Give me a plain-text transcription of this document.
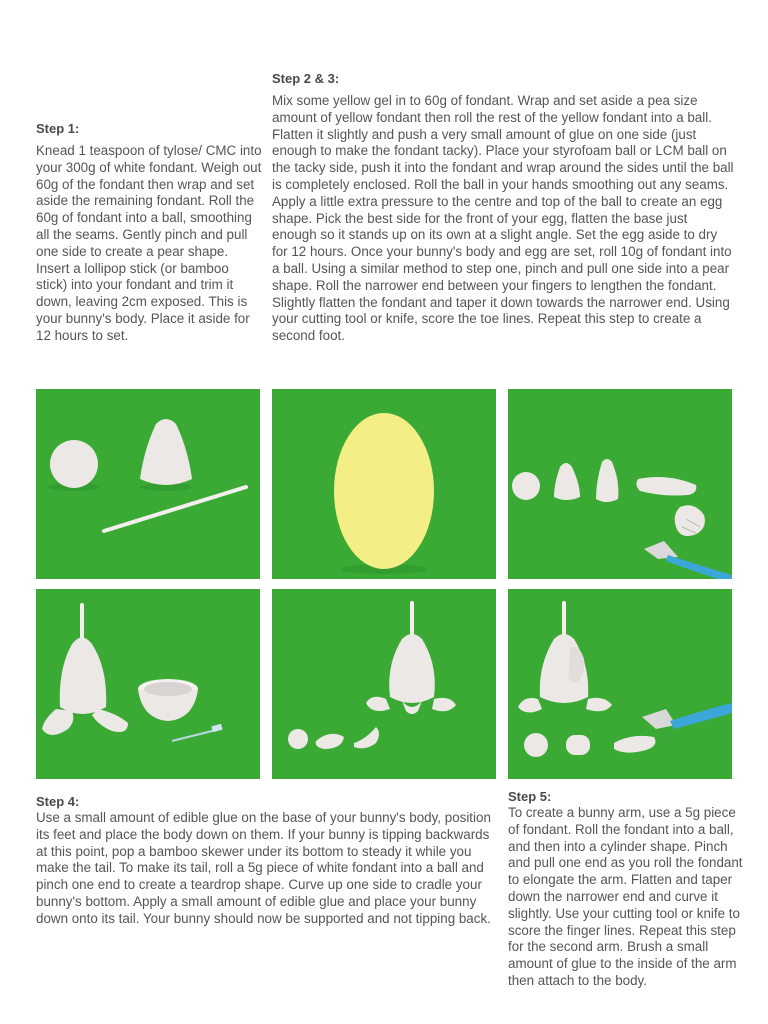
Step 1:

Knead 1 teaspoon of tylose/ CMC into your 300g of white fondant. Weigh out 60g of the fondant then wrap and set aside the remaining fondant. Roll the 60g of fondant into a ball, smoothing all the seams. Gently pinch and pull one side to create a pear shape. Insert a lollipop stick (or bamboo stick) into your fondant and trim it down, leaving 2cm exposed. This is your bunny's body. Place it aside for 12 hours to set.

Step 2 & 3:

Mix some yellow gel in to 60g of fondant. Wrap and set aside a pea size amount of yellow fondant then roll the rest of the yellow fondant into a ball. Flatten it slightly and push a very small amount of glue on one side (just enough to make the fondant tacky). Place your styrofoam ball or LCM ball on the tacky side, push it into the fondant and wrap around the sides until the ball is completely enclosed. Roll the ball in your hands smoothing out any seams. Apply a little extra pressure to the centre and top of the ball to create an egg shape. Pick the best side for the front of your egg, flatten the base just enough so it stands up on its own at a slight angle. Set the egg aside to dry for 12 hours. Once your bunny's body and egg are set, roll 10g of fondant into a ball. Using a similar method to step one, pinch and pull one side into a pear shape. Roll the narrower end between your fingers to lengthen the fondant. Slightly flatten the fondant and taper it down towards the narrower end. Using your cutting tool or knife, score the toe lines. Repeat this step to create a second foot.

Step 4:

Use a small amount of edible glue on the base of your bunny's body, position its feet and place the body down on them. If your bunny is tipping backwards at this point, pop a bamboo skewer under its bottom to steady it while you make the tail. To make its tail, roll a 5g piece of white fondant into a ball and pinch one end to create a teardrop shape. Curve up one side to cradle your bunny's bottom. Apply a small amount of edible glue and place your bunny down onto its tail. Your bunny should now be supported and not tipping back.

Step 5:

To create a bunny arm, use a 5g piece of fondant. Roll the fondant into a ball, and then into a cylinder shape. Pinch and pull one end as you roll the fondant to elongate the arm. Flatten and taper down the narrower end and curve it slightly. Use your cutting tool or knife to score the finger lines. Repeat this step for the second arm. Brush a small amount of glue to the inside of the arm then attach to the body.
